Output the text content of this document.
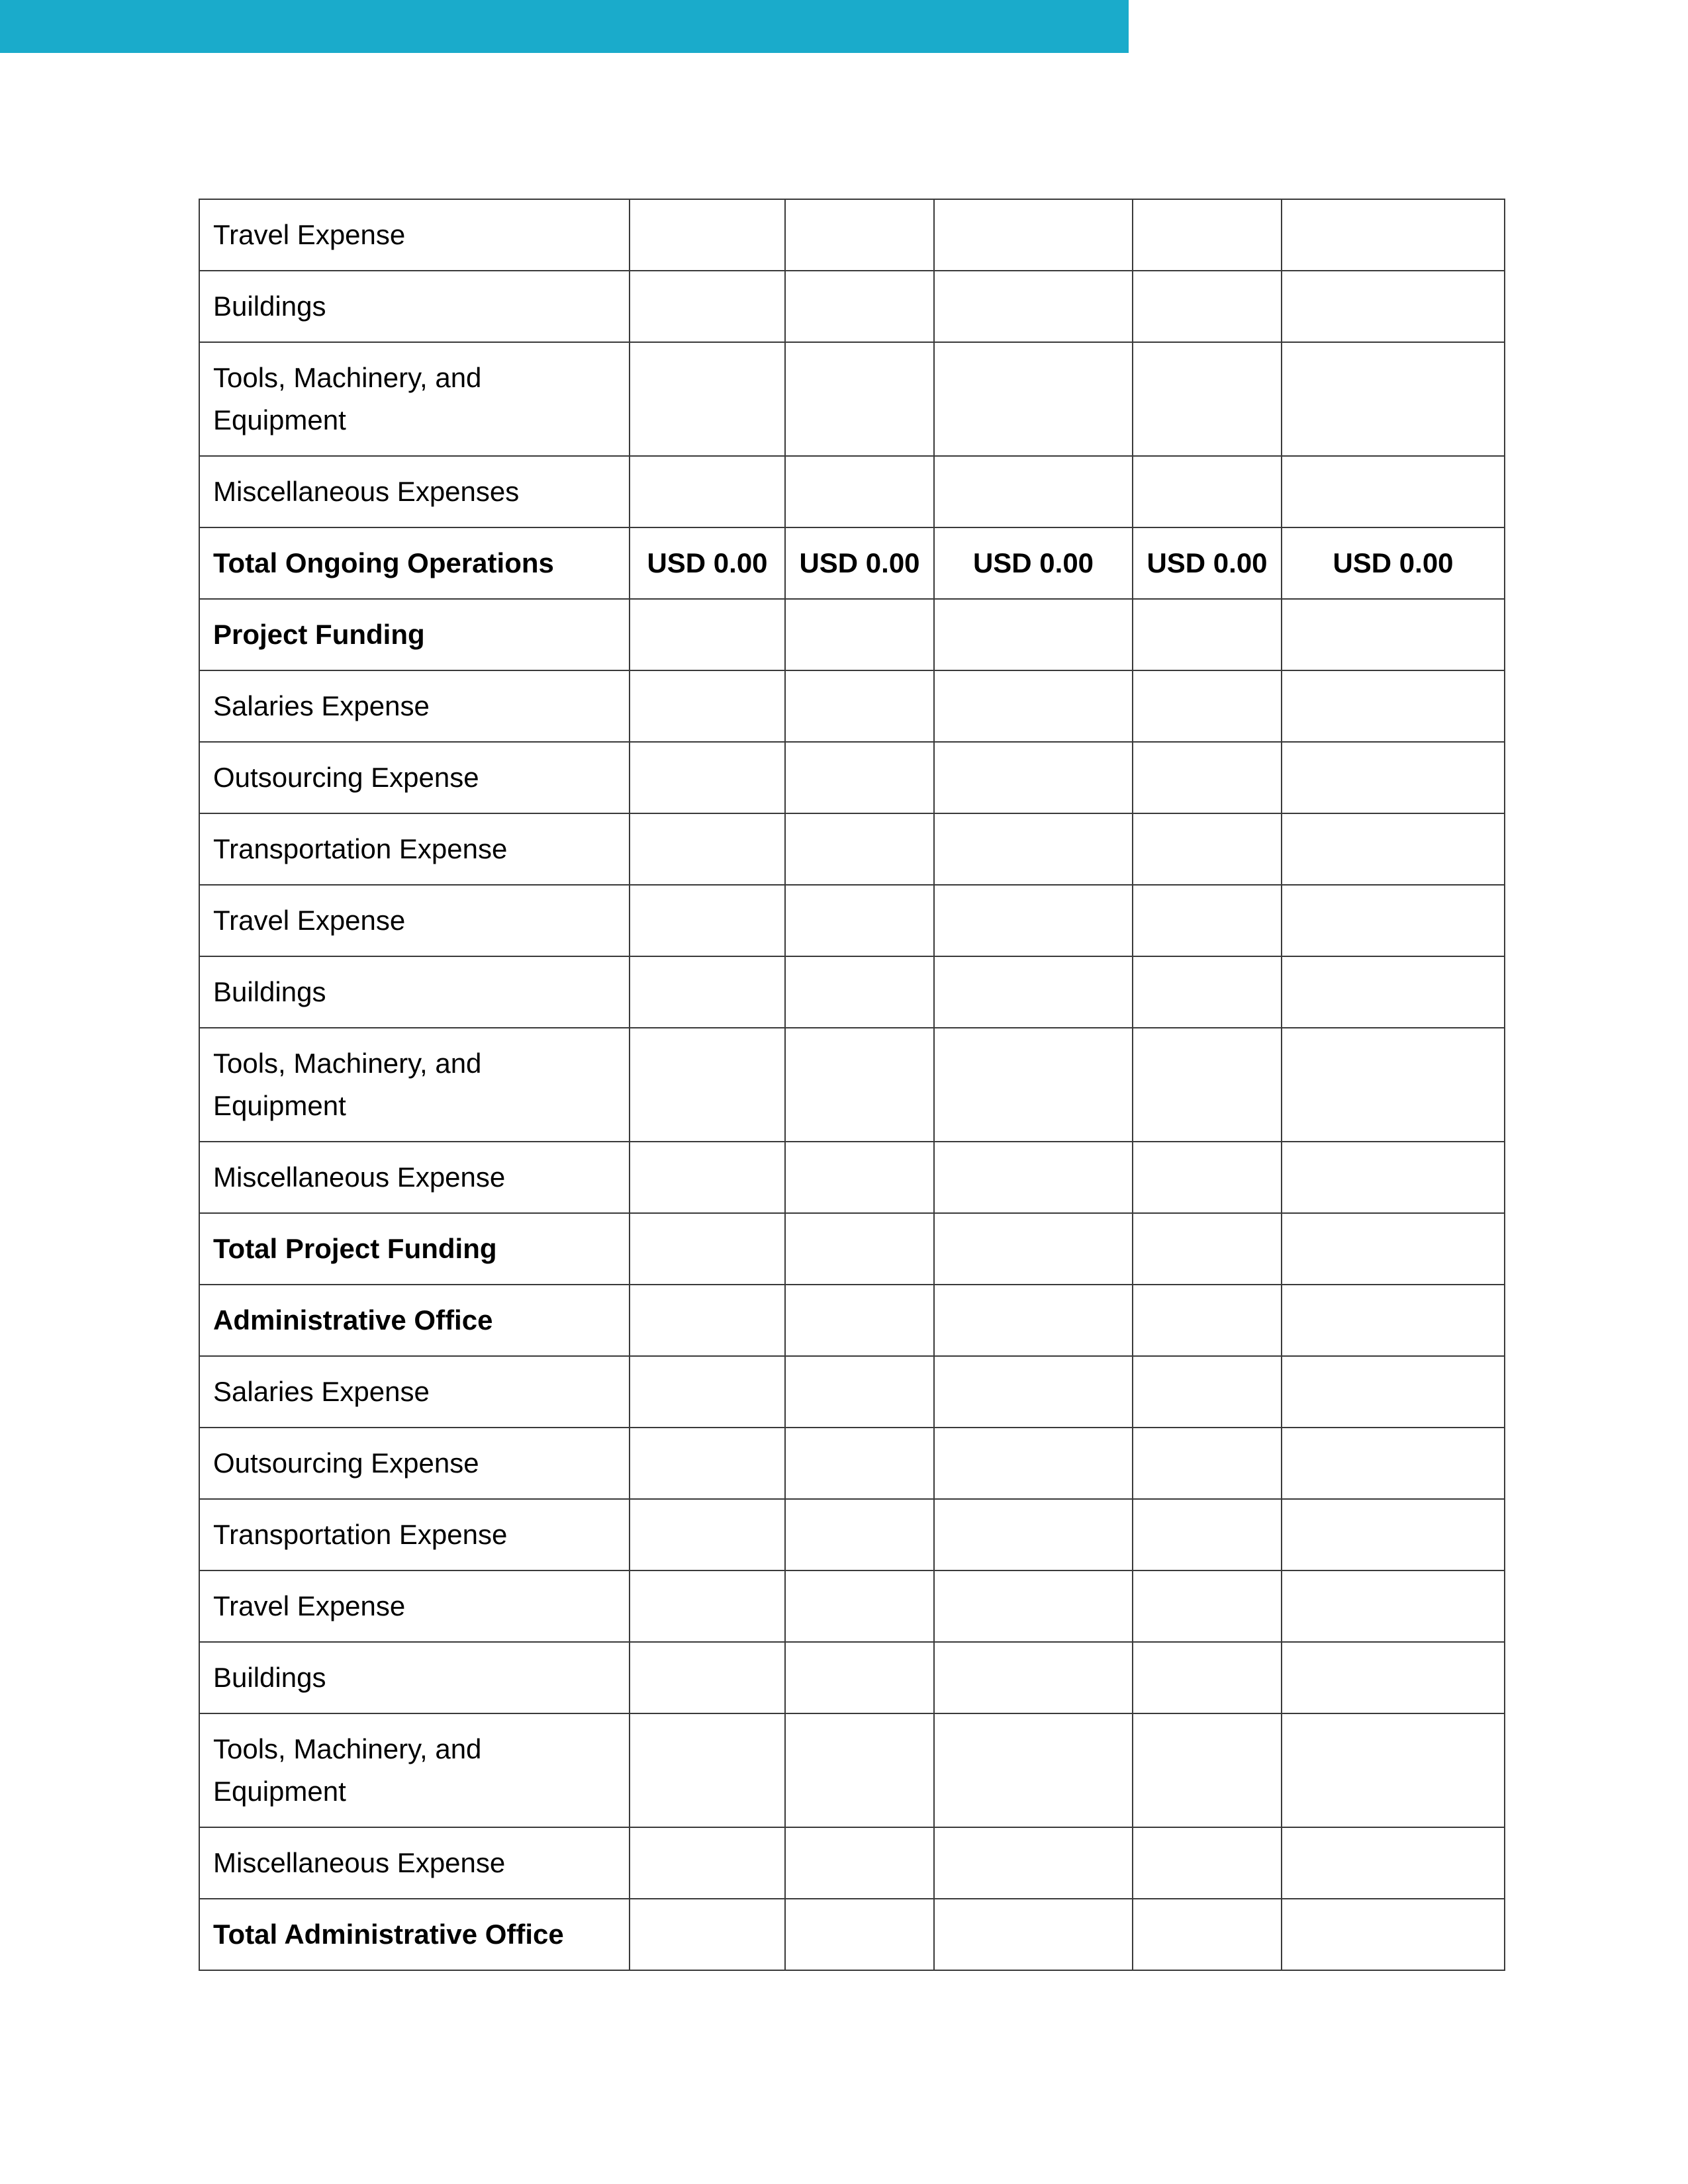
Travel Expense					
Buildings					
Tools, Machinery, and Equipment					
Miscellaneous Expenses					
Total Ongoing Operations	USD 0.00	USD 0.00	USD 0.00	USD 0.00	USD 0.00
Project Funding					
Salaries Expense					
Outsourcing Expense					
Transportation Expense					
Travel Expense					
Buildings					
Tools, Machinery, and Equipment					
Miscellaneous Expense					
Total Project Funding					
Administrative Office					
Salaries Expense					
Outsourcing Expense					
Transportation Expense					
Travel Expense					
Buildings					
Tools, Machinery, and Equipment					
Miscellaneous Expense					
Total Administrative Office					
